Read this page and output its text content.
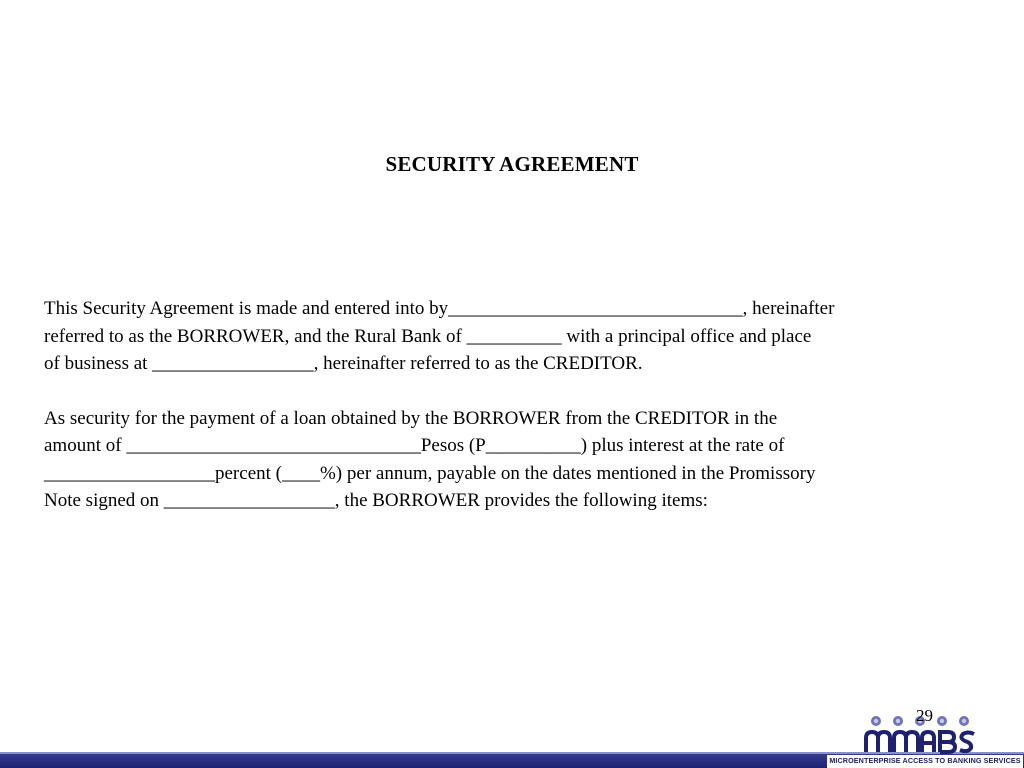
SECURITY AGREEMENT
This Security Agreement is made and entered into by_______________________________, hereinafter
referred to as the BORROWER, and the Rural Bank of __________ with a principal office and place
of business at _________________, hereinafter referred to as the CREDITOR.
As security for the payment of a loan obtained by the BORROWER from the CREDITOR in the
amount of _______________________________Pesos (P__________) plus interest at the rate of
__________________percent (____%) per annum, payable on the dates mentioned in the Promissory
Note signed on __________________, the BORROWER provides the following items:
MICROENTERPRISE ACCESS TO BANKING SERVICES
29
